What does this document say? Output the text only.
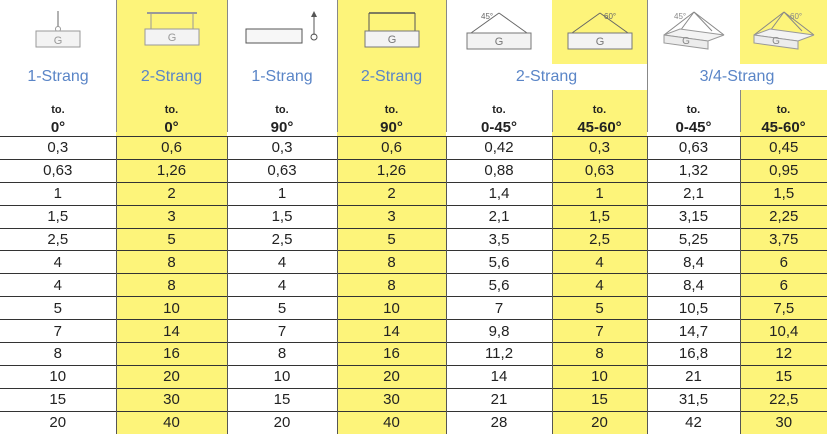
G	G		G	45°
G	60°
G	45°
G	60°
G

1-Strang	2-Strang	1-Strang	2-Strang	2-Strang		3/4-Strang	
to.	to.	to.	to.	to.	to.	to.	to.
0°	0°	90°	90°	0-45°	45-60°	0-45°	45-60°
0,3	0,6	0,3	0,6	0,42	0,3	0,63	0,45
0,63	1,26	0,63	1,26	0,88	0,63	1,32	0,95
1	2	1	2	1,4	1	2,1	1,5
1,5	3	1,5	3	2,1	1,5	3,15	2,25
2,5	5	2,5	5	3,5	2,5	5,25	3,75
4	8	4	8	5,6	4	8,4	6
4	8	4	8	5,6	4	8,4	6
5	10	5	10	7	5	10,5	7,5
7	14	7	14	9,8	7	14,7	10,4
8	16	8	16	11,2	8	16,8	12
10	20	10	20	14	10	21	15
15	30	15	30	21	15	31,5	22,5
20	40	20	40	28	20	42	30
